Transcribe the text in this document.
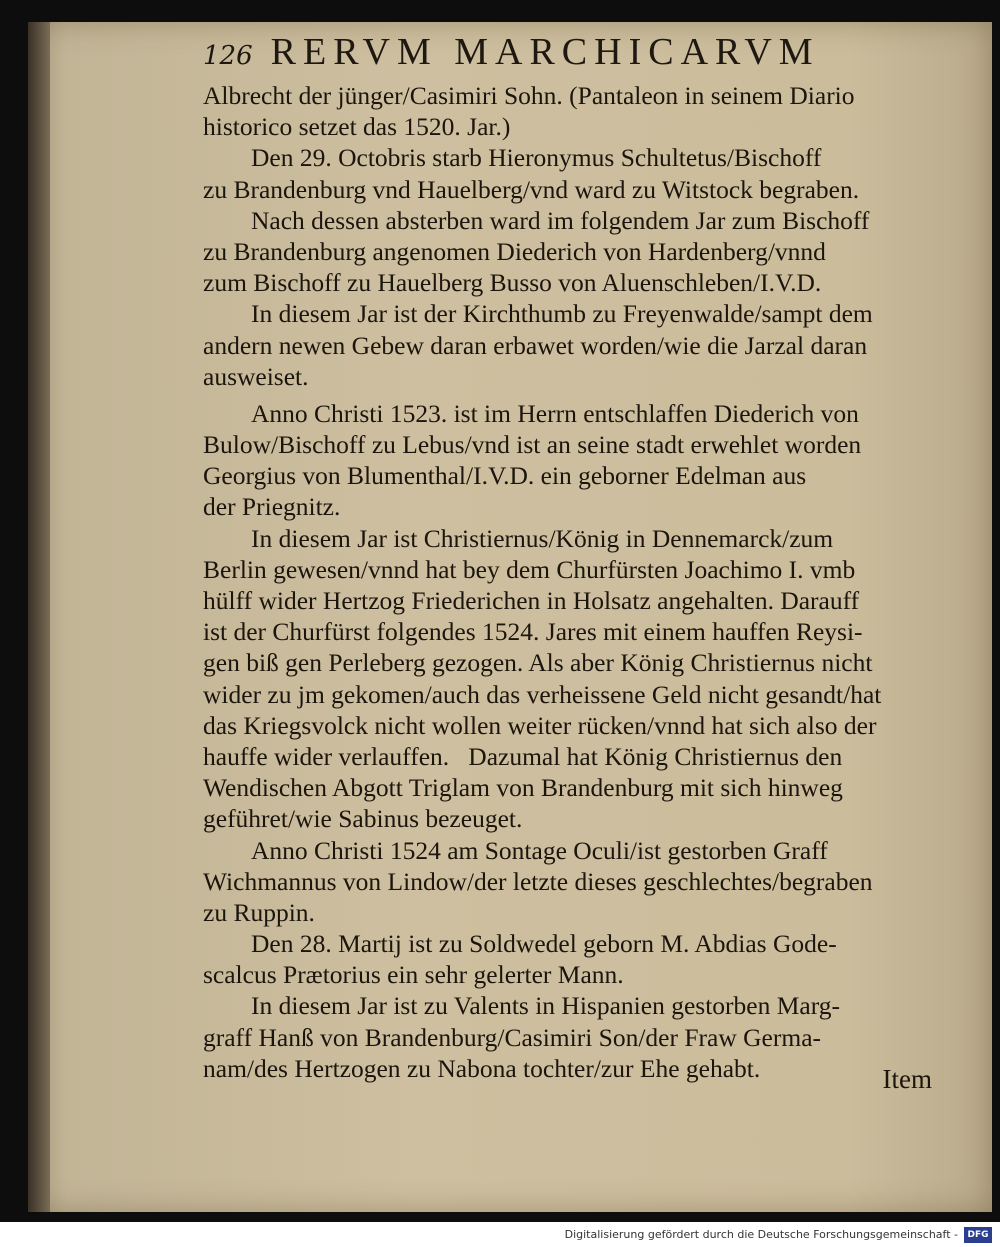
126 RERVM MARCHICARVM
Albrecht der jünger/Casimiri Sohn. (Pantaleon in seinem Diario
historico setzet das 1520. Jar.)
Den 29. Octobris starb Hieronymus Schultetus/Bischoff
zu Brandenburg vnd Hauelberg/vnd ward zu Witstock begraben.
Nach dessen absterben ward im folgendem Jar zum Bischoff
zu Brandenburg angenomen Diederich von Hardenberg/vnnd
zum Bischoff zu Hauelberg Busso von Aluenschleben/I.V.D.
In diesem Jar ist der Kirchthumb zu Freyenwalde/sampt dem
andern newen Gebew daran erbawet worden/wie die Jarzal daran
ausweiset.
Anno Christi 1523. ist im Herrn entschlaffen Diederich von
Bulow/Bischoff zu Lebus/vnd ist an seine stadt erwehlet worden
Georgius von Blumenthal/I.V.D. ein geborner Edelman aus
der Priegnitz.
In diesem Jar ist Christiernus/König in Dennemarck/zum
Berlin gewesen/vnnd hat bey dem Churfürsten Joachimo I. vmb
hülff wider Hertzog Friederichen in Holsatz angehalten. Darauff
ist der Churfürst folgendes 1524. Jares mit einem hauffen Reysi-
gen biß gen Perleberg gezogen. Als aber König Christiernus nicht
wider zu jm gekomen/auch das verheissene Geld nicht gesandt/hat
das Kriegsvolck nicht wollen weiter rücken/vnnd hat sich also der
hauffe wider verlauffen.   Dazumal hat König Christiernus den
Wendischen Abgott Triglam von Brandenburg mit sich hinweg
geführet/wie Sabinus bezeuget.
Anno Christi 1524 am Sontage Oculi/ist gestorben Graff
Wichmannus von Lindow/der letzte dieses geschlechtes/begraben
zu Ruppin.
Den 28. Martij ist zu Soldwedel geborn M. Abdias Gode-
scalcus Prætorius ein sehr gelerter Mann.
In diesem Jar ist zu Valents in Hispanien gestorben Marg-
graff Hanß von Brandenburg/Casimiri Son/der Fraw Germa-
nam/des Hertzogen zu Nabona tochter/zur Ehe gehabt.	Item
Digitalisierung gefördert durch die Deutsche Forschungsgemeinschaft -	DFG
